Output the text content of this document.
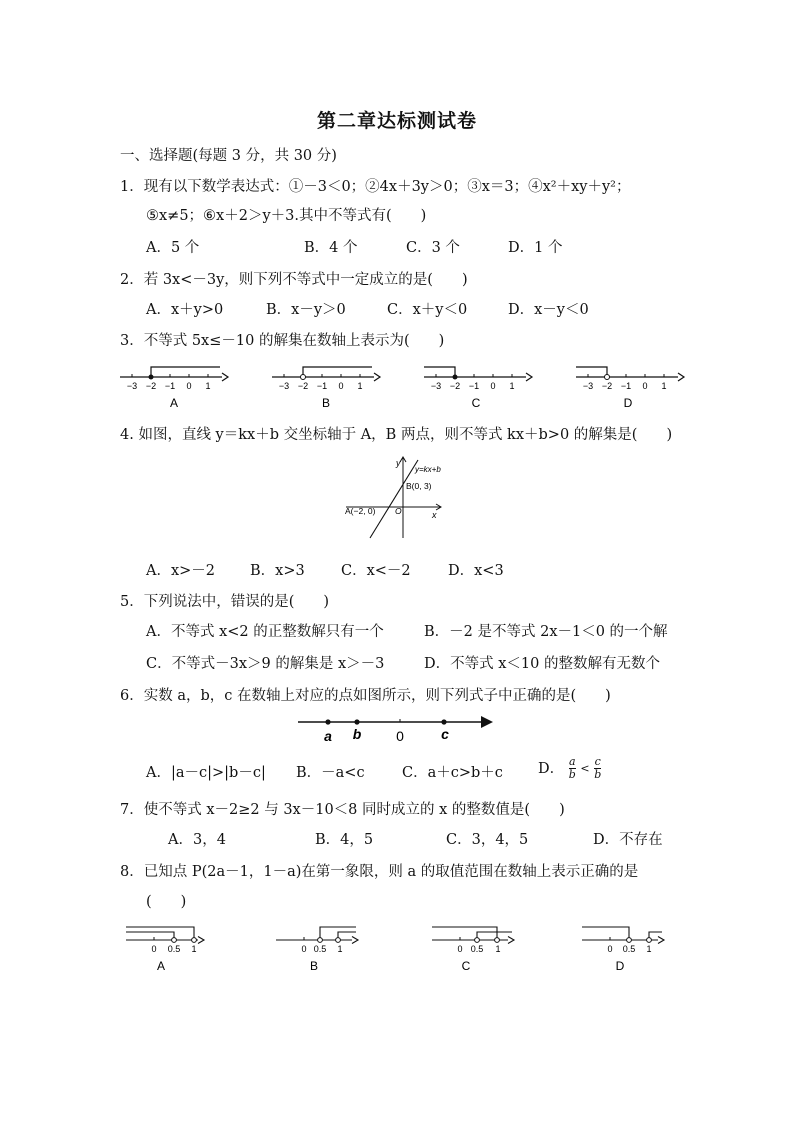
第二章达标测试卷
一、选择题(每题 3 分，共 30 分)
1．现有以下数学表达式：①－3＜0；②4x＋3y＞0；③x＝3；④x²＋xy＋y²；
⑤x≠5；⑥x＋2＞y＋3.其中不等式有(　　)
A．5 个	B．4 个	C．3 个	D．1 个
2．若 3x<－3y，则下列不等式中一定成立的是(　　)
A．x＋y>0	B．x－y＞0	C．x＋y＜0	D．x－y＜0
3．不等式 5x≤－10 的解集在数轴上表示为(　　)
−3 −2 −1 0 1
A
−3 −2 −1 0 1
B
−3 −2 −1 0 1
C
−3 −2 −1 0 1
D
4. 如图，直线 y＝kx＋b 交坐标轴于 A，B 两点，则不等式 kx＋b>0 的解集是(　　)
y
x
y=kx+b
B(0, 3)
A(−2, 0) O
A．x>－2 B．x>3	C．x<－2	D．x<3
5．下列说法中，错误的是(　　)
A．不等式 x<2 的正整数解只有一个	B．－2 是不等式 2x－1＜0 的一个解
C．不等式－3x＞9 的解集是 x＞－3	D．不等式 x＜10 的整数解有无数个
6．实数 a，b，c 在数轴上对应的点如图所示，则下列式子中正确的是(　　)
a b 0	c
A．|a－c|>|b－c| B．－a<c	C．a＋c>b＋c D． $\frac{a}{b} < \frac{c}{b}$
7．使不等式 x－2≥2 与 3x－10＜8 同时成立的 x 的整数值是(　　)
A．3，4	B．4，5	C．3，4，5	D．不存在
8．已知点 P(2a－1，1－a)在第一象限，则 a 的取值范围在数轴上表示正确的是
(　　)
0 0.5 1
A
0 0.5 1
B
0 0.5 1
C
0 0.5 1
D
